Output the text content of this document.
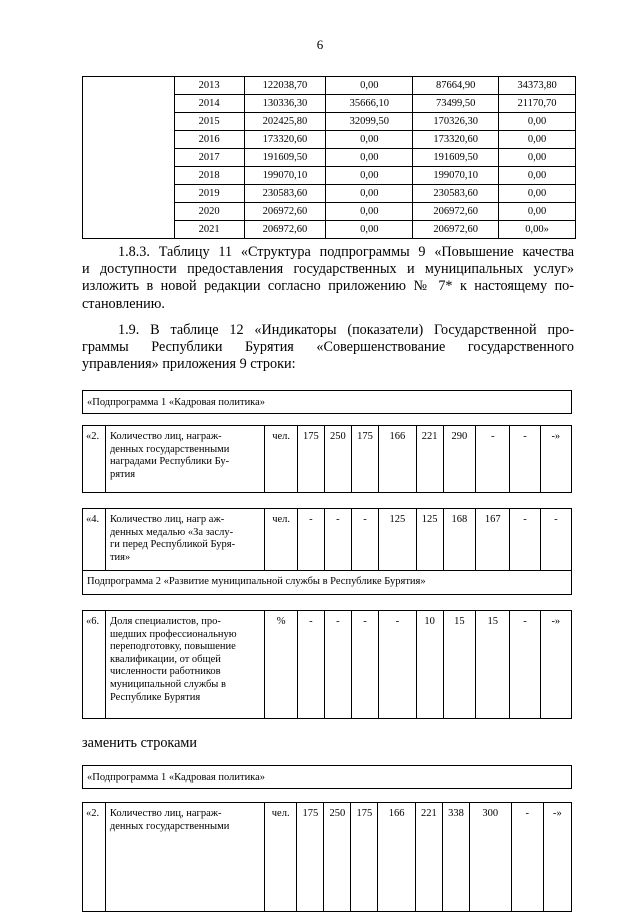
6
	2013	122038,70	0,00	87664,90	34373,80
	2014	130336,30	35666,10	73499,50	21170,70
	2015	202425,80	32099,50	170326,30	0,00
	2016	173320,60	0,00	173320,60	0,00
	2017	191609,50	0,00	191609,50	0,00
	2018	199070,10	0,00	199070,10	0,00
	2019	230583,60	0,00	230583,60	0,00
	2020	206972,60	0,00	206972,60	0,00
	2021	206972,60	0,00	206972,60	0,00»
1.8.3. Таблицу 11 «Структура подпрограммы 9 «Повышение качества
и доступности предоставления государственных и муниципальных услуг»
изложить в новой редакции согласно приложению № 7* к настоящему по-
становлению.
1.9. В таблице 12 «Индикаторы (показатели) Государственной про-
граммы Республики Бурятия «Совершенствование государственного
управления» приложения 9 строки:
«Подпрограмма 1 «Кадровая политика»
«2.	Количество лиц, награж-
денных государственными
наградами Республики Бу-
рятия
	чел.	175	250	175	166	221	290	-	-	-»
«4.	Количество лиц, нагр аж-
денных медалью «За заслу-
ги перед Республикой Буря-
тия»
	чел.	-	-	-	125	125	168	167	-	-
Подпрограмма 2 «Развитие муниципальной службы в Республике Бурятия»
«6.	Доля специалистов, про-
шедших профессиональную
переподготовку, повышение
квалификации, от общей
численности работников
муниципальной службы в
Республике Бурятия
	%	-	-	-	-	10	15	15	-	-»
заменить строками
«Подпрограмма 1 «Кадровая политика»
«2.	Количество лиц, награж-
денных государственными
	чел.	175	250	175	166	221	338	300	-	-»
